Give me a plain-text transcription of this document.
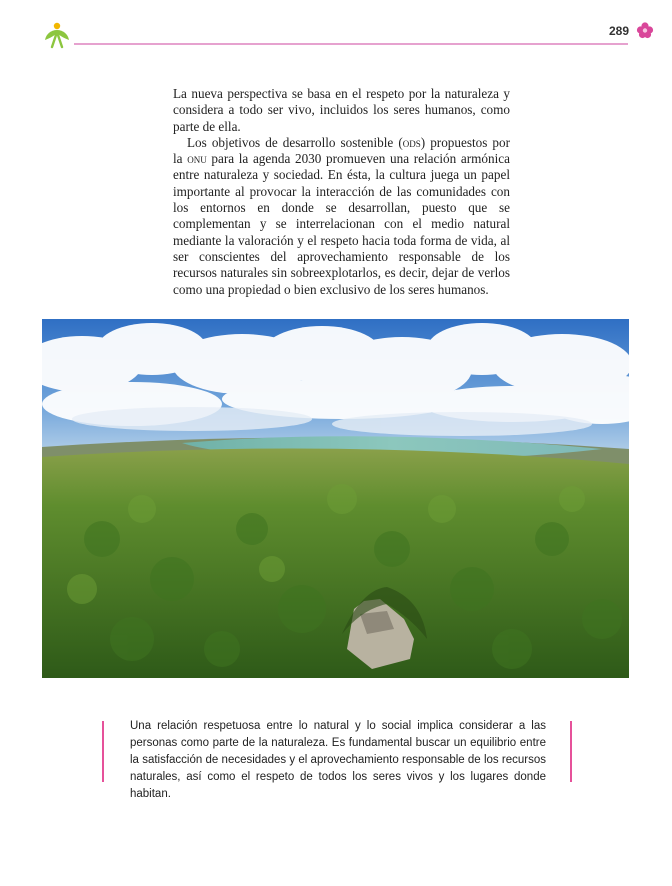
289

La nueva perspectiva se basa en el respeto por la naturaleza y considera a todo ser vivo, incluidos los seres humanos, como parte de ella.

Los objetivos de desarrollo sostenible (ods) propuestos por la onu para la agenda 2030 promueven una relación armónica entre naturaleza y sociedad. En ésta, la cultura juega un papel importante al provocar la interacción de las comunidades con los entornos en donde se desarrollan, puesto que se complementan y se interrelacionan con el medio natural mediante la valoración y el respeto hacia toda forma de vida, al ser conscientes del aprovechamiento responsable de los recursos naturales sin sobreexplotarlos, es decir, dejar de verlos como una propiedad o bien exclusivo de los seres humanos.

Una relación respetuosa entre lo natural y lo social implica considerar a las personas como parte de la naturaleza. Es fundamental buscar un equilibrio entre la satisfacción de necesidades y el aprovechamiento responsable de los recursos naturales, así como el respeto de todos los seres vivos y los lugares donde habitan.
